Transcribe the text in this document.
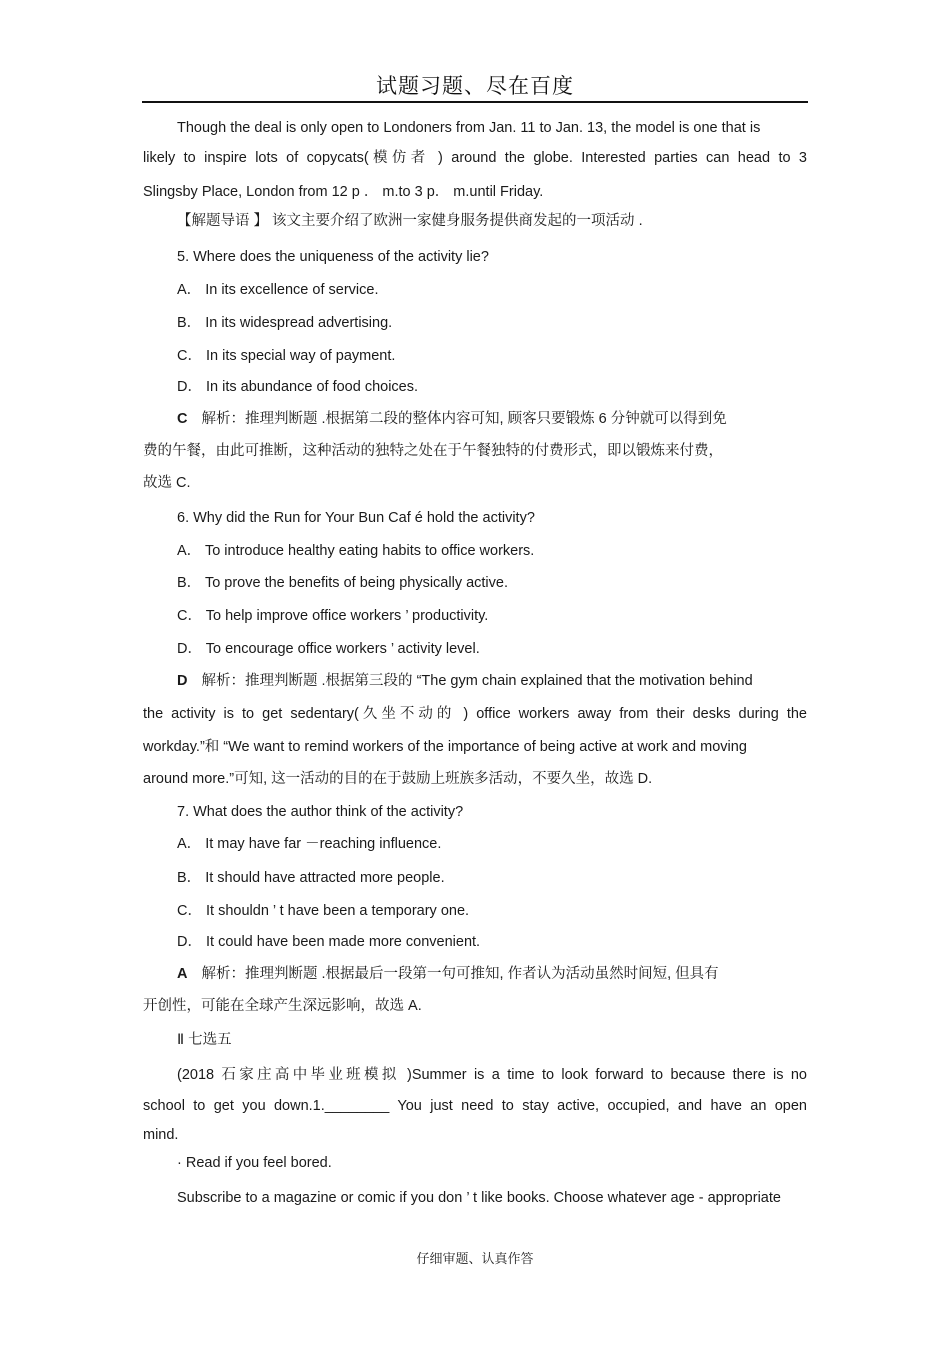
试题习题、尽在百度
Though the deal is only open to Londoners from Jan. 11 to Jan. 13, the model is one that is
likely to inspire lots of copycats(模仿者 ) around the globe. Interested parties can head to 3
Slingsby Place, London from 12 p ． m.to 3 p． m.until Friday.
【解题导语 】 该文主要介绍了欧洲一家健身服务提供商发起的一项活动 .
5. Where does the uniqueness of the activity lie?
A． In its excellence of service.
B． In its widespread advertising.
C． In its special way of payment.
D． In its abundance of food choices.
C 解析：推理判断题 .根据第二段的整体内容可知, 顾客只要锻炼 6 分钟就可以得到免
费的午餐，由此可推断，这种活动的独特之处在于午餐独特的付费形式，即以锻炼来付费，
故选 C.
6. Why did the Run for Your Bun Caf é hold the activity?
A． To introduce healthy eating habits to office workers.
B． To prove the benefits of being physically active.
C． To help improve office workers ’ productivity.
D． To encourage office workers ’ activity level.
D 解析：推理判断题 .根据第三段的 “The gym chain explained that the motivation behind
the activity is to get sedentary(久坐不动的 ) office workers away from their desks during the
workday.”和 “We want to remind workers of the importance of being active at work and moving
around more.”可知, 这一活动的目的在于鼓励上班族多活动，不要久坐，故选 D.
7. What does the author think of the activity?
A． It may have far －reaching influence.
B． It should have attracted more people.
C． It shouldn ’ t have been a temporary one.
D． It could have been made more convenient.
A 解析：推理判断题 .根据最后一段第一句可推知, 作者认为活动虽然时间短, 但具有
开创性，可能在全球产生深远影响，故选 A.
Ⅱ 七选五
(2018 石家庄高中毕业班模拟 )Summer is a time to look forward to because there is no
school to get you down.1.________ You just need to stay active, occupied, and have an open
mind.
· Read if you feel bored.
Subscribe to a magazine or comic if you don ’ t like books. Choose whatever age - appropriate
仔细审题、认真作答
